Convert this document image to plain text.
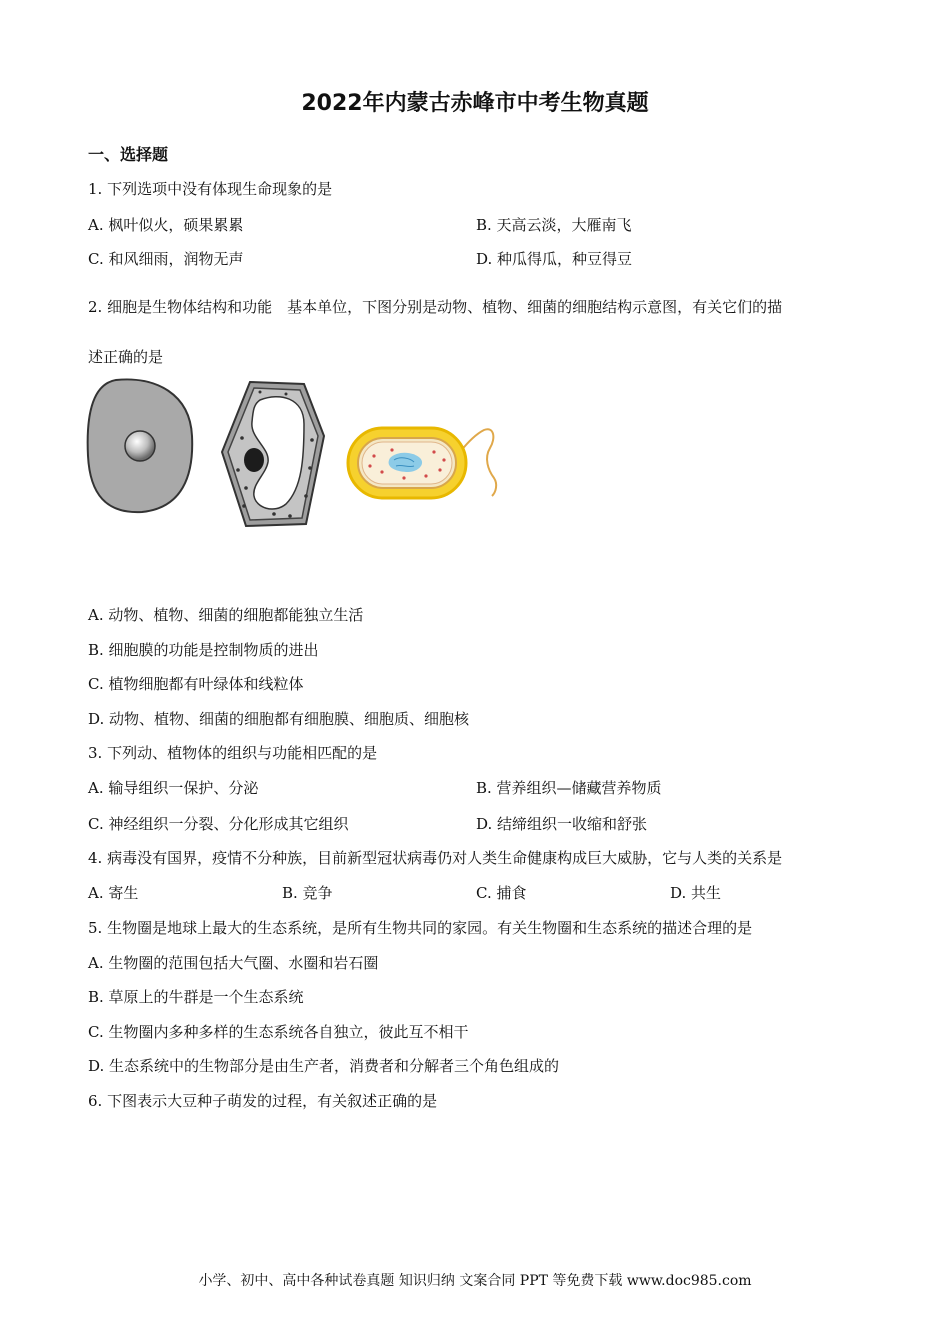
2022年内蒙古赤峰市中考生物真题
一、选择题
1. 下列选项中没有体现生命现象的是
A. 枫叶似火，硕果累累	B. 天高云淡，大雁南飞
C. 和风细雨，润物无声	D. 种瓜得瓜，种豆得豆
2. 细胞是生物体结构和功能　基本单位，下图分别是动物、植物、细菌的细胞结构示意图，有关它们的描
述正确的是
A. 动物、植物、细菌的细胞都能独立生活
B. 细胞膜的功能是控制物质的进出
C. 植物细胞都有叶绿体和线粒体
D. 动物、植物、细菌的细胞都有细胞膜、细胞质、细胞核
3. 下列动、植物体的组织与功能相匹配的是
A. 输导组织一保护、分泌	B. 营养组织—储藏营养物质
C. 神经组织一分裂、分化形成其它组织	D. 结缔组织一收缩和舒张
4. 病毒没有国界，疫情不分种族，目前新型冠状病毒仍对人类生命健康构成巨大威胁，它与人类的关系是
A. 寄生	B. 竞争	C. 捕食	D. 共生
5. 生物圈是地球上最大的生态系统，是所有生物共同的家园。有关生物圈和生态系统的描述合理的是
A. 生物圈的范围包括大气圈、水圈和岩石圈
B. 草原上的牛群是一个生态系统
C. 生物圈内多种多样的生态系统各自独立，彼此互不相干
D. 生态系统中的生物部分是由生产者，消费者和分解者三个角色组成的
6. 下图表示大豆种子萌发的过程，有关叙述正确的是
小学、初中、高中各种试卷真题 知识归纳 文案合同 PPT 等免费下载 www.doc985.com
